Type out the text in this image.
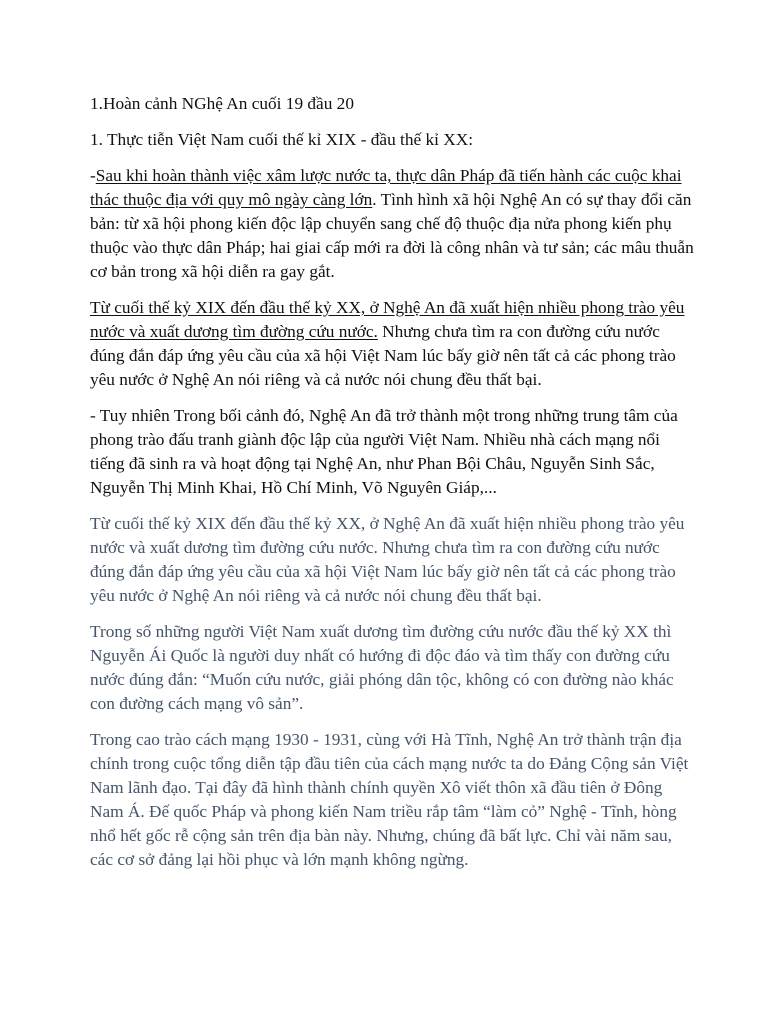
1.Hoàn cảnh NGhệ An cuối 19 đầu 20

1. Thực tiễn Việt Nam cuối thế kỉ XIX - đầu thế kỉ XX:

-Sau khi hoàn thành việc xâm lược nước ta, thực dân Pháp đã tiến hành các cuộc khai thác thuộc địa với quy mô ngày càng lớn. Tình hình xã hội Nghệ An có sự thay đổi căn bản: từ xã hội phong kiến độc lập chuyển sang chế độ thuộc địa nửa phong kiến phụ thuộc vào thực dân Pháp; hai giai cấp mới ra đời là công nhân và tư sản; các mâu thuẫn cơ bản trong xã hội diễn ra gay gắt.

Từ cuối thế kỷ XIX đến đầu thế kỷ XX, ở Nghệ An đã xuất hiện nhiều phong trào yêu nước và xuất dương tìm đường cứu nước. Nhưng chưa tìm ra con đường cứu nước đúng đắn đáp ứng yêu cầu của xã hội Việt Nam lúc bấy giờ nên tất cả các phong trào yêu nước ở Nghệ An nói riêng và cả nước nói chung đều thất bại.

- Tuy nhiên Trong bối cảnh đó, Nghệ An đã trở thành một trong những trung tâm của phong trào đấu tranh giành độc lập của người Việt Nam. Nhiều nhà cách mạng nổi tiếng đã sinh ra và hoạt động tại Nghệ An, như Phan Bội Châu, Nguyễn Sinh Sắc, Nguyễn Thị Minh Khai, Hồ Chí Minh, Võ Nguyên Giáp,...

Từ cuối thế kỷ XIX đến đầu thế kỷ XX, ở Nghệ An đã xuất hiện nhiều phong trào yêu nước và xuất dương tìm đường cứu nước. Nhưng chưa tìm ra con đường cứu nước đúng đắn đáp ứng yêu cầu của xã hội Việt Nam lúc bấy giờ nên tất cả các phong trào yêu nước ở Nghệ An nói riêng và cả nước nói chung đều thất bại.

Trong số những người Việt Nam xuất dương tìm đường cứu nước đầu thế kỷ XX thì Nguyễn Ái Quốc là người duy nhất có hướng đi độc đáo và tìm thấy con đường cứu nước đúng đắn: “Muốn cứu nước, giải phóng dân tộc, không có con đường nào khác con đường cách mạng vô sản”.

Trong cao trào cách mạng 1930 - 1931, cùng với Hà Tĩnh, Nghệ An trở thành trận địa chính trong cuộc tổng diễn tập đầu tiên của cách mạng nước ta do Đảng Cộng sản Việt Nam lãnh đạo. Tại đây đã hình thành chính quyền Xô viết thôn xã đầu tiên ở Đông Nam Á. Đế quốc Pháp và phong kiến Nam triều rắp tâm “làm cỏ” Nghệ - Tĩnh, hòng nhổ hết gốc rễ cộng sản trên địa bàn này. Nhưng, chúng đã bất lực. Chỉ vài năm sau, các cơ sở đảng lại hồi phục và lớn mạnh không ngừng.
